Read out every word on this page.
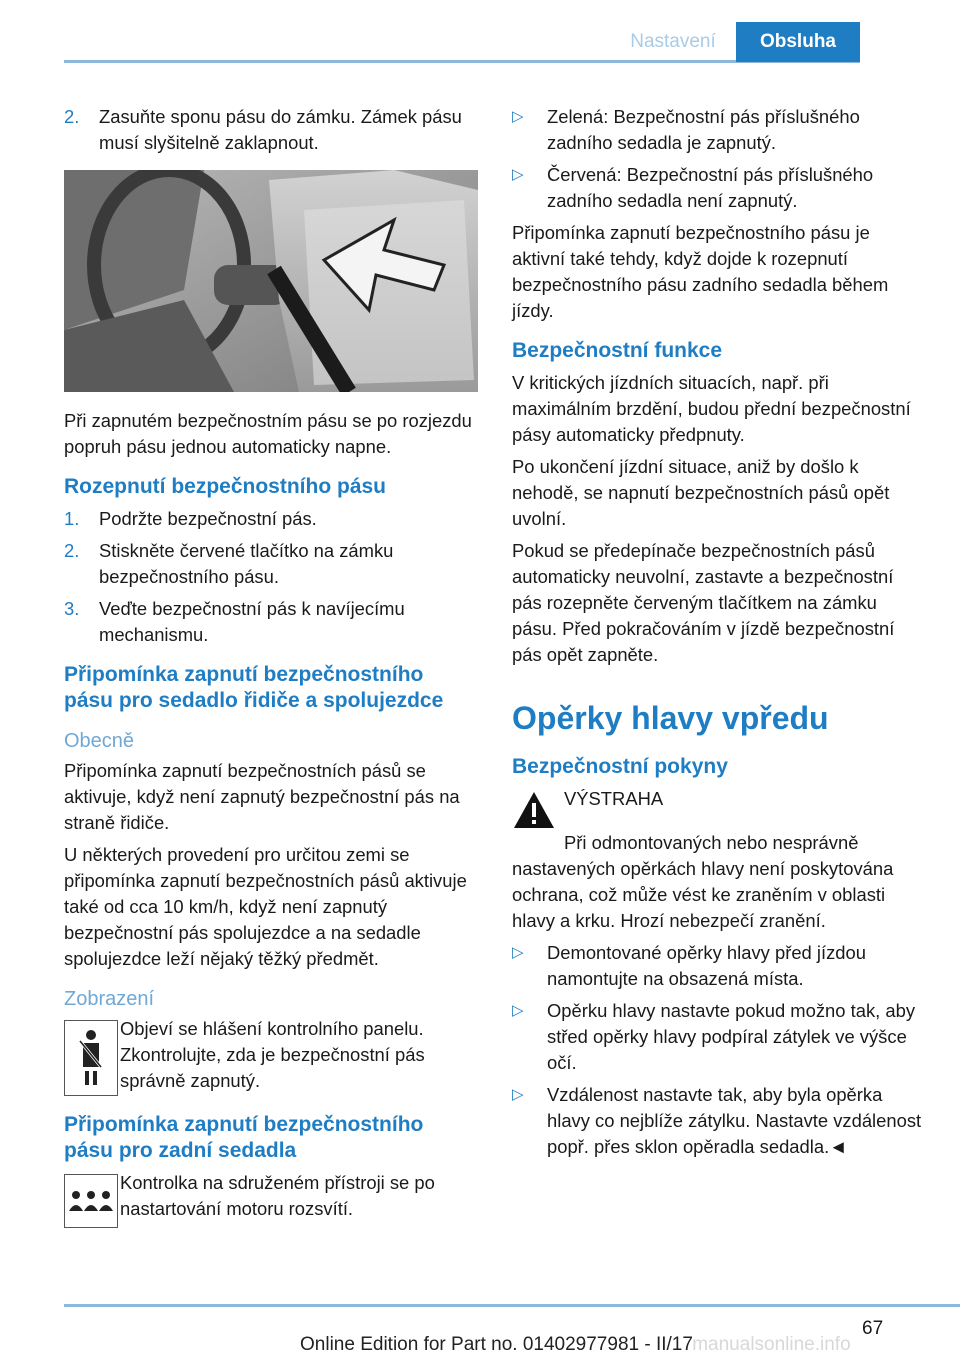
Nastavení	Obsluha
2. Zasuňte sponu pásu do zámku. Zámek pásu musí slyšitelně zaklapnout.

Při zapnutém bezpečnostním pásu se po rozjezdu popruh pásu jednou automaticky napne.

Rozepnutí bezpečnostního pásu
1. Podržte bezpečnostní pás.
2. Stiskněte červené tlačítko na zámku bezpečnostního pásu.
3. Veďte bezpečnostní pás k navíjecímu mechanismu.
Připomínka zapnutí bezpečnostního pásu pro sedadlo řidiče a spolujezdce
Obecně

Připomínka zapnutí bezpečnostních pásů se aktivuje, když není zapnutý bezpečnostní pás na straně řidiče.

U některých provedení pro určitou zemi se připomínka zapnutí bezpečnostních pásů aktivuje také od cca 10 km/h, když není zapnutý bezpečnostní pás spolujezdce a na sedadle spolujezdce leží nějaký těžký předmět.

Zobrazení
Objeví se hlášení kontrolního panelu. Zkontrolujte, zda je bezpečnostní pás správně zapnutý.
Připomínka zapnutí bezpečnostního pásu pro zadní sedadla
Kontrolka na sdruženém přístroji se po nastartování motoru rozsvítí.
▷ Zelená: Bezpečnostní pás příslušného zadního sedadla je zapnutý.
▷ Červená: Bezpečnostní pás příslušného zadního sedadla není zapnutý.

Připomínka zapnutí bezpečnostního pásu je aktivní také tehdy, když dojde k rozepnutí bezpečnostního pásu zadního sedadla během jízdy.

Bezpečnostní funkce

V kritických jízdních situacích, např. při maximálním brzdění, budou přední bezpečnostní pásy automaticky předpnuty.

Po ukončení jízdní situace, aniž by došlo k nehodě, se napnutí bezpečnostních pásů opět uvolní.

Pokud se předepínače bezpečnostních pásů automaticky neuvolní, zastavte a bezpečnostní pás rozepněte červeným tlačítkem na zámku pásu. Před pokračováním v jízdě bezpečnostní pás opět zapněte.

Opěrky hlavy vpředu
Bezpečnostní pokyny
VÝSTRAHA

Při odmontovaných nebo nesprávně nastavených opěrkách hlavy není poskytována ochrana, což může vést ke zraněním v oblasti hlavy a krku. Hrozí nebezpečí zranění.

▷ Demontované opěrky hlavy před jízdou namontujte na obsazená místa.
▷ Opěrku hlavy nastavte pokud možno tak, aby střed opěrky hlavy podpíral zátylek ve výšce očí.
▷ Vzdálenost nastavte tak, aby byla opěrka hlavy co nejblíže zátylku. Nastavte vzdálenost popř. přes sklon opěradla sedadla.◄
67
Online Edition for Part no. 01402977981 - II/17 manualsonline.info
